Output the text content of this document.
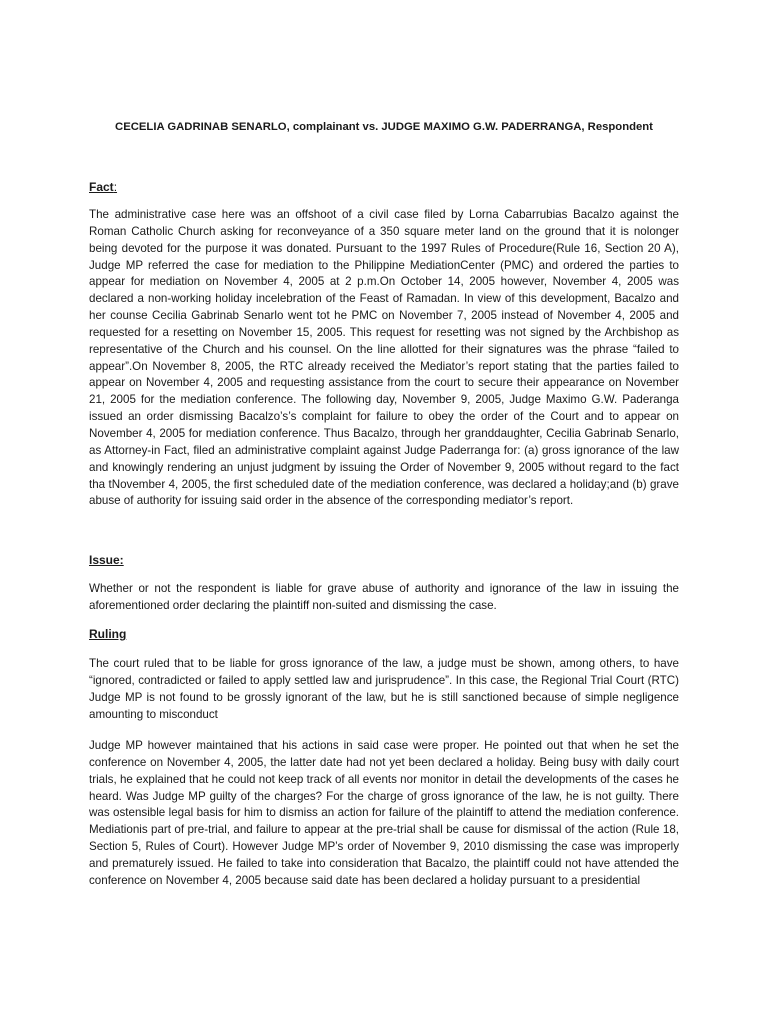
CECELIA GADRINAB SENARLO, complainant vs. JUDGE MAXIMO G.W. PADERRANGA, Respondent

Fact:

The administrative case here was an offshoot of a civil case filed by Lorna Cabarrubias Bacalzo against the Roman Catholic Church asking for reconveyance of a 350 square meter land on the ground that it is nolonger being devoted for the purpose it was donated. Pursuant to the 1997 Rules of Procedure(Rule 16, Section 20 A), Judge MP referred the case for mediation to the Philippine MediationCenter (PMC) and ordered the parties to appear for mediation on November 4, 2005 at 2 p.m.On October 14, 2005 however, November 4, 2005 was declared a non-working holiday incelebration of the Feast of Ramadan. In view of this development, Bacalzo and her counse Cecilia Gabrinab Senarlo went tot he PMC on November 7, 2005 instead of November 4, 2005 and requested for a resetting on November 15, 2005. This request for resetting was not signed by the Archbishop as representative of the Church and his counsel. On the line allotted for their signatures was the phrase “failed to appear”.On November 8, 2005, the RTC already received the Mediator’s report stating that the parties failed to appear on November 4, 2005 and requesting assistance from the court to secure their appearance on November 21, 2005 for the mediation conference. The following day, November 9, 2005, Judge Maximo G.W. Paderanga issued an order dismissing Bacalzo’s’s complaint for failure to obey the order of the Court and to appear on November 4, 2005 for mediation conference. Thus Bacalzo, through her granddaughter, Cecilia Gabrinab Senarlo, as Attorney-in Fact, filed an administrative complaint against Judge Paderranga for: (a) gross ignorance of the law and knowingly rendering an unjust judgment by issuing the Order of November 9, 2005 without regard to the fact tha tNovember 4, 2005, the first scheduled date of the mediation conference, was declared a holiday;and (b) grave abuse of authority for issuing said order in the absence of the corresponding mediator’s report.

Issue:

Whether or not the respondent is liable for grave abuse of authority and ignorance of the law in issuing the aforementioned order declaring the plaintiff non-suited and dismissing the case.

Ruling

The court ruled that to be liable for gross ignorance of the law, a judge must be shown, among others, to have “ignored, contradicted or failed to apply settled law and jurisprudence”. In this case, the Regional Trial Court (RTC) Judge MP is not found to be grossly ignorant of the law, but he is still sanctioned because of simple negligence amounting to misconduct

Judge MP however maintained that his actions in said case were proper. He pointed out that when he set the conference on November 4, 2005, the latter date had not yet been declared a holiday. Being busy with daily court trials, he explained that he could not keep track of all events nor monitor in detail the developments of the cases he heard. Was Judge MP guilty of the charges? For the charge of gross ignorance of the law, he is not guilty. There was ostensible legal basis for him to dismiss an action for failure of the plaintiff to attend the mediation conference. Mediationis part of pre-trial, and failure to appear at the pre-trial shall be cause for dismissal of the action (Rule 18, Section 5, Rules of Court). However Judge MP’s order of November 9, 2010 dismissing the case was improperly and prematurely issued. He failed to take into consideration that Bacalzo, the plaintiff could not have attended the conference on November 4, 2005 because said date has been declared a holiday pursuant to a presidential
